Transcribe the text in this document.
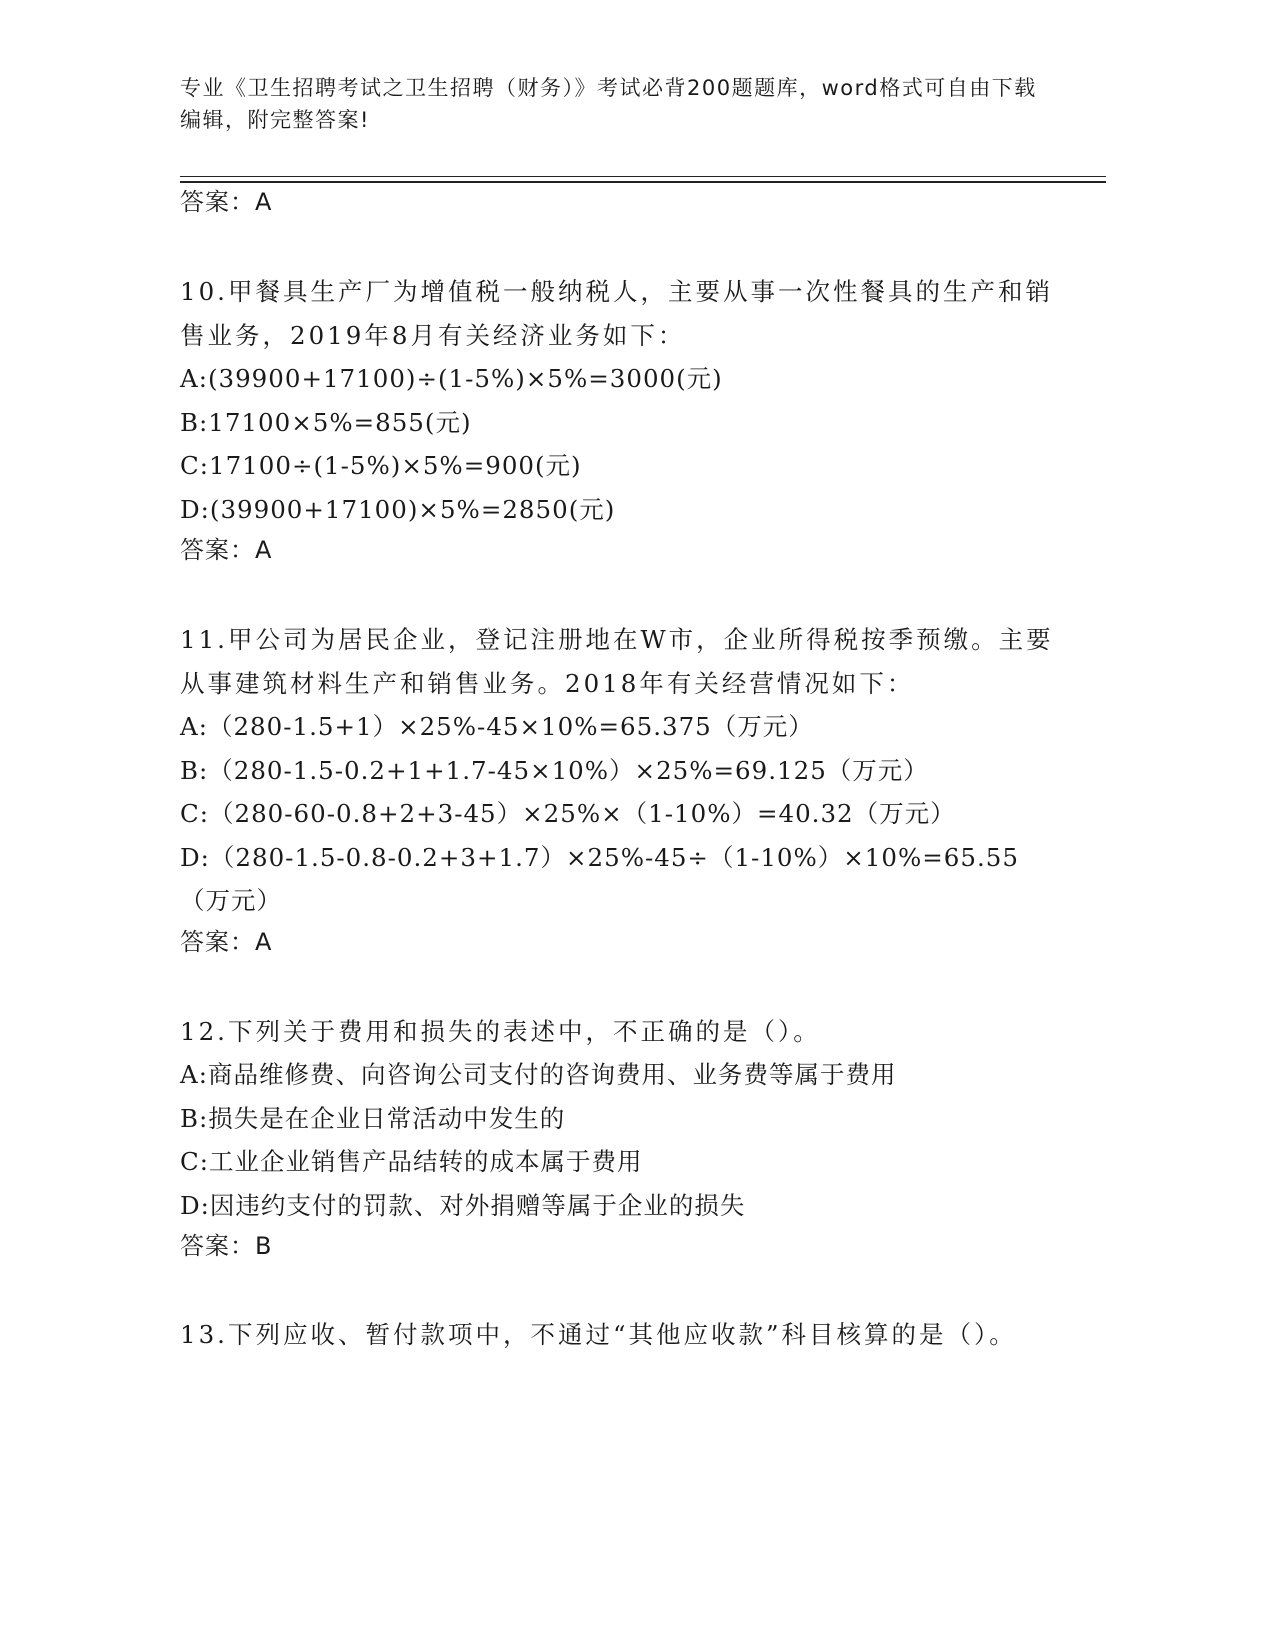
专业《卫生招聘考试之卫生招聘（财务）》考试必背200题题库，word格式可自由下载编辑，附完整答案!
答案：A
10.甲餐具生产厂为增值税一般纳税人，主要从事一次性餐具的生产和销售业务，2019年8月有关经济业务如下：
A:(39900+17100)÷(1-5%)×5%=3000(元)
B:17100×5%=855(元)
C:17100÷(1-5%)×5%=900(元)
D:(39900+17100)×5%=2850(元)
答案：A
11.甲公司为居民企业，登记注册地在W市，企业所得税按季预缴。主要从事建筑材料生产和销售业务。2018年有关经营情况如下：
A:（280-1.5+1）×25%-45×10%=65.375（万元）
B:（280-1.5-0.2+1+1.7-45×10%）×25%=69.125（万元）
C:（280-60-0.8+2+3-45）×25%×（1-10%）=40.32（万元）
D:（280-1.5-0.8-0.2+3+1.7）×25%-45÷（1-10%）×10%=65.55（万元）
答案：A
12.下列关于费用和损失的表述中，不正确的是（）。
A:商品维修费、向咨询公司支付的咨询费用、业务费等属于费用
B:损失是在企业日常活动中发生的
C:工业企业销售产品结转的成本属于费用
D:因违约支付的罚款、对外捐赠等属于企业的损失
答案：B
13.下列应收、暂付款项中，不通过“其他应收款”科目核算的是（）。
